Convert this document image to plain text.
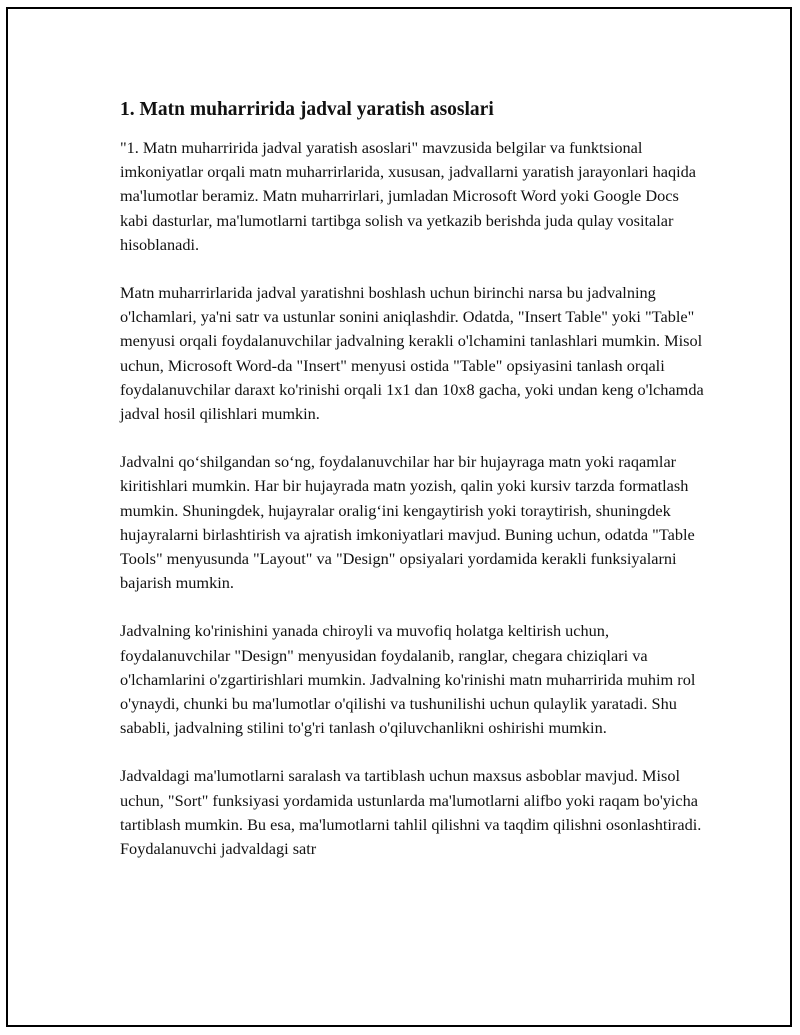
1. Matn muharririda jadval yaratish asoslari

"1. Matn muharririda jadval yaratish asoslari" mavzusida belgilar va funktsional imkoniyatlar orqali matn muharrirlarida, xususan, jadvallarni yaratish jarayonlari haqida ma'lumotlar beramiz. Matn muharrirlari, jumladan Microsoft Word yoki Google Docs kabi dasturlar, ma'lumotlarni tartibga solish va yetkazib berishda juda qulay vositalar hisoblanadi.

Matn muharrirlarida jadval yaratishni boshlash uchun birinchi narsa bu jadvalning o'lchamlari, ya'ni satr va ustunlar sonini aniqlashdir. Odatda, "Insert Table" yoki "Table" menyusi orqali foydalanuvchilar jadvalning kerakli o'lchamini tanlashlari mumkin. Misol uchun, Microsoft Word-da "Insert" menyusi ostida "Table" opsiyasini tanlash orqali foydalanuvchilar daraxt ko'rinishi orqali 1x1 dan 10x8 gacha, yoki undan keng o'lchamda jadval hosil qilishlari mumkin.

Jadvalni qo‘shilgandan so‘ng, foydalanuvchilar har bir hujayraga matn yoki raqamlar kiritishlari mumkin. Har bir hujayrada matn yozish, qalin yoki kursiv tarzda formatlash mumkin. Shuningdek, hujayralar oralig‘ini kengaytirish yoki toraytirish, shuningdek hujayralarni birlashtirish va ajratish imkoniyatlari mavjud. Buning uchun, odatda "Table Tools" menyusunda "Layout" va "Design" opsiyalari yordamida kerakli funksiyalarni bajarish mumkin.

Jadvalning ko'rinishini yanada chiroyli va muvofiq holatga keltirish uchun, foydalanuvchilar "Design" menyusidan foydalanib, ranglar, chegara chiziqlari va o'lchamlarini o'zgartirishlari mumkin. Jadvalning ko'rinishi matn muharririda muhim rol o'ynaydi, chunki bu ma'lumotlar o'qilishi va tushunilishi uchun qulaylik yaratadi. Shu sababli, jadvalning stilini to'g'ri tanlash o'qiluvchanlikni oshirishi mumkin.

Jadvaldagi ma'lumotlarni saralash va tartiblash uchun maxsus asboblar mavjud. Misol uchun, "Sort" funksiyasi yordamida ustunlarda ma'lumotlarni alifbo yoki raqam bo'yicha tartiblash mumkin. Bu esa, ma'lumotlarni tahlil qilishni va taqdim qilishni osonlashtiradi. Foydalanuvchi jadvaldagi satr
